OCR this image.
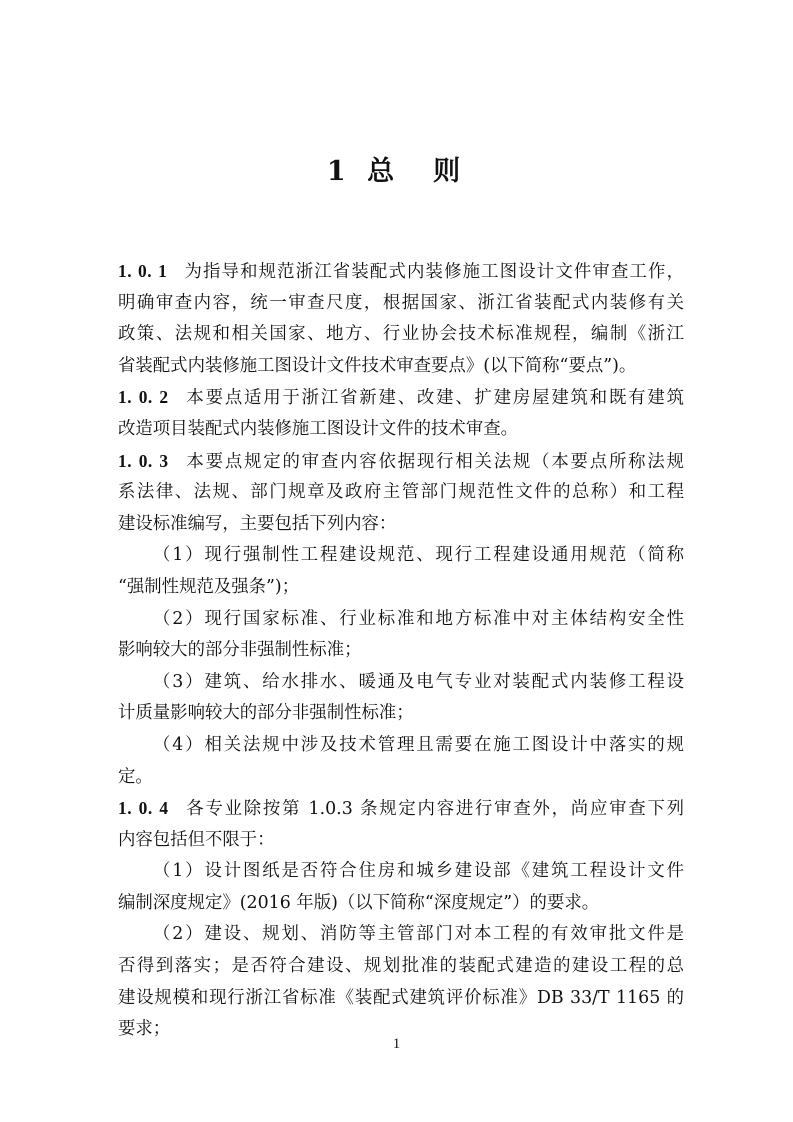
1 总　则
1. 0. 1 为指导和规范浙江省装配式内装修施工图设计文件审查工作，
明确审查内容，统一审查尺度，根据国家、浙江省装配式内装修有关
政策、法规和相关国家、地方、行业协会技术标准规程，编制《浙江
省装配式内装修施工图设计文件技术审查要点》(以下简称“要点”)。
1. 0. 2 本要点适用于浙江省新建、改建、扩建房屋建筑和既有建筑
改造项目装配式内装修施工图设计文件的技术审查。
1. 0. 3 本要点规定的审查内容依据现行相关法规（本要点所称法规
系法律、法规、部门规章及政府主管部门规范性文件的总称）和工程
建设标准编写，主要包括下列内容：
（1）现行强制性工程建设规范、现行工程建设通用规范（简称
“强制性规范及强条”)；
（2）现行国家标准、行业标准和地方标准中对主体结构安全性
影响较大的部分非强制性标准；
（3）建筑、给水排水、暖通及电气专业对装配式内装修工程设
计质量影响较大的部分非强制性标准；
（4）相关法规中涉及技术管理且需要在施工图设计中落实的规
定。
1. 0. 4 各专业除按第 1.0.3 条规定内容进行审查外，尚应审查下列
内容包括但不限于：
（1）设计图纸是否符合住房和城乡建设部《建筑工程设计文件
编制深度规定》(2016 年版)（以下简称“深度规定”）的要求。
（2）建设、规划、消防等主管部门对本工程的有效审批文件是
否得到落实；是否符合建设、规划批准的装配式建造的建设工程的总
建设规模和现行浙江省标准《装配式建筑评价标准》DB 33/T 1165 的
要求；
1
